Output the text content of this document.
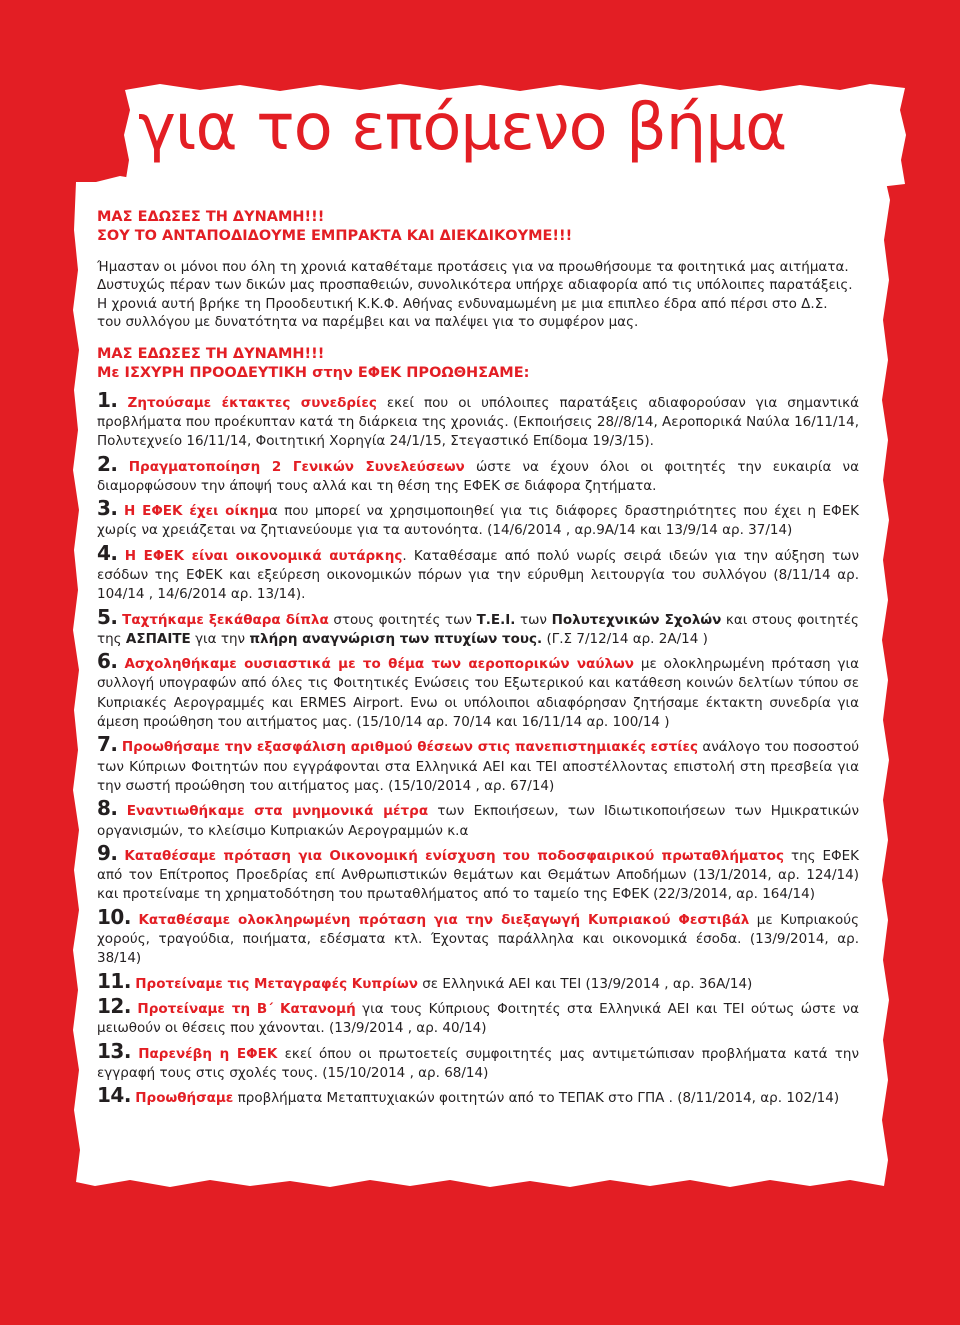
για το επόμενο βήμα
ΜΑΣ ΕΔΩΣΕΣ ΤΗ ΔΥΝΑΜΗ!!!
ΣΟΥ ΤΟ ΑΝΤΑΠΟΔΙΔΟΥΜΕ ΕΜΠΡΑΚΤΑ ΚΑΙ ΔΙΕΚΔΙΚΟΥΜΕ!!!

Ήμασταν οι μόνοι που όλη τη χρονιά καταθέταμε προτάσεις για να προωθήσουμε τα φοιτητικά μας αιτήματα.

Δυστυχώς πέραν των δικών μας προσπαθειών, συνολικότερα υπήρχε αδιαφορία από τις υπόλοιπες παρατάξεις.

Η χρονιά αυτή βρήκε τη Προοδευτική Κ.Κ.Φ. Αθήνας ενδυναμωμένη με μια επιπλεο έδρα από πέρσι στο Δ.Σ.

του συλλόγου με δυνατότητα να παρέμβει και να παλέψει για το συμφέρον μας.

ΜΑΣ ΕΔΩΣΕΣ ΤΗ ΔΥΝΑΜΗ!!!
Με ΙΣΧΥΡΗ ΠΡΟΟΔΕΥΤΙΚΗ στην ΕΦΕΚ ΠΡΟΩΘΗΣΑΜΕ:
1. Ζητούσαμε έκτακτες συνεδρίες εκεί που οι υπόλοιπες παρατάξεις αδιαφορούσαν για σημαντικά προβλήματα που προέκυπταν κατά τη διάρκεια της χρονιάς. (Εκποιήσεις 28//8/14, Αεροπορικά Ναύλα 16/11/14, Πολυτεχνείο 16/11/14, Φοιτητική Χορηγία 24/1/15, Στεγαστικό Επίδομα 19/3/15).
2. Πραγματοποίηση 2 Γενικών Συνελεύσεων ώστε να έχουν όλοι οι φοιτητές την ευκαιρία να διαμορφώσουν την άποψή τους αλλά και τη θέση της ΕΦΕΚ σε διάφορα ζητήματα.
3. Η ΕΦΕΚ έχει οίκημα που μπορεί να χρησιμοποιηθεί για τις διάφορες δραστηριότητες που έχει η ΕΦΕΚ χωρίς να χρειάζεται να ζητιανεύουμε για τα αυτονόητα. (14/6/2014 , αρ.9Α/14 και 13/9/14 αρ. 37/14)
4. Η ΕΦΕΚ είναι οικονομικά αυτάρκης. Καταθέσαμε από πολύ νωρίς σειρά ιδεών για την αύξηση των εσόδων της ΕΦΕΚ και εξεύρεση οικονομικών πόρων για την εύρυθμη λειτουργία του συλλόγου (8/11/14 αρ. 104/14 , 14/6/2014 αρ. 13/14).
5. Ταχτήκαμε ξεκάθαρα δίπλα στους φοιτητές των Τ.Ε.Ι. των Πολυτεχνικών Σχολών και στους φοιτητές της ΑΣΠΑΙΤΕ για την πλήρη αναγνώριση των πτυχίων τους. (Γ.Σ 7/12/14 αρ. 2Α/14 )
6. Ασχοληθήκαμε ουσιαστικά με το θέμα των αεροπορικών ναύλων με ολοκληρωμένη πρόταση για συλλογή υπογραφών από όλες τις Φοιτητικές Ενώσεις του Εξωτερικού και κατάθεση κοινών δελτίων τύπου σε Κυπριακές Αερογραμμές και ERMES Airport. Ενω οι υπόλοιποι αδιαφόρησαν ζητήσαμε έκτακτη συνεδρία για άμεση προώθηση του αιτήματος μας. (15/10/14 αρ. 70/14 και 16/11/14 αρ. 100/14 )
7. Προωθήσαμε την εξασφάλιση αριθμού θέσεων στις πανεπιστημιακές εστίες ανάλογο του ποσοστού των Κύπριων Φοιτητών που εγγράφονται στα Ελληνικά ΑΕΙ και ΤΕΙ αποστέλλοντας επιστολή στη πρεσβεία για την σωστή προώθηση του αιτήματος μας. (15/10/2014 , αρ. 67/14)
8. Εναντιωθήκαμε στα μνημονικά μέτρα των Εκποιήσεων, των Ιδιωτικοποιήσεων των Ημικρατικών οργανισμών, το κλείσιμο Κυπριακών Αερογραμμών κ.α
9. Καταθέσαμε πρόταση για Οικονομική ενίσχυση του ποδοσφαιρικού πρωταθλήματος της ΕΦΕΚ από τον Επίτροπος Προεδρίας επί Ανθρωπιστικών θεμάτων και Θεμάτων Αποδήμων (13/1/2014, αρ. 124/14) και προτείναμε τη χρηματοδότηση του πρωταθλήματος από το ταμείο της ΕΦΕΚ (22/3/2014, αρ. 164/14)
10. Καταθέσαμε ολοκληρωμένη πρόταση για την διεξαγωγή Κυπριακού Φεστιβάλ με Κυπριακούς χορούς, τραγούδια, ποιήματα, εδέσματα κτλ. Έχοντας παράλληλα και οικονομικά έσοδα. (13/9/2014, αρ. 38/14)
11. Προτείναμε τις Μεταγραφές Κυπρίων σε Ελληνικά ΑΕΙ και ΤΕΙ (13/9/2014 , αρ. 36Α/14)
12. Προτείναμε τη Β΄ Κατανομή για τους Κύπριους Φοιτητές στα Ελληνικά ΑΕΙ και ΤΕΙ ούτως ώστε να μειωθούν οι θέσεις που χάνονται. (13/9/2014 , αρ. 40/14)
13. Παρενέβη η ΕΦΕΚ εκεί όπου οι πρωτοετείς συμφοιτητές μας αντιμετώπισαν προβλήματα κατά την εγγραφή τους στις σχολές τους. (15/10/2014 , αρ. 68/14)
14. Προωθήσαμε προβλήματα Μεταπτυχιακών φοιτητών από το ΤΕΠΑΚ στο ΓΠΑ . (8/11/2014, αρ. 102/14)
